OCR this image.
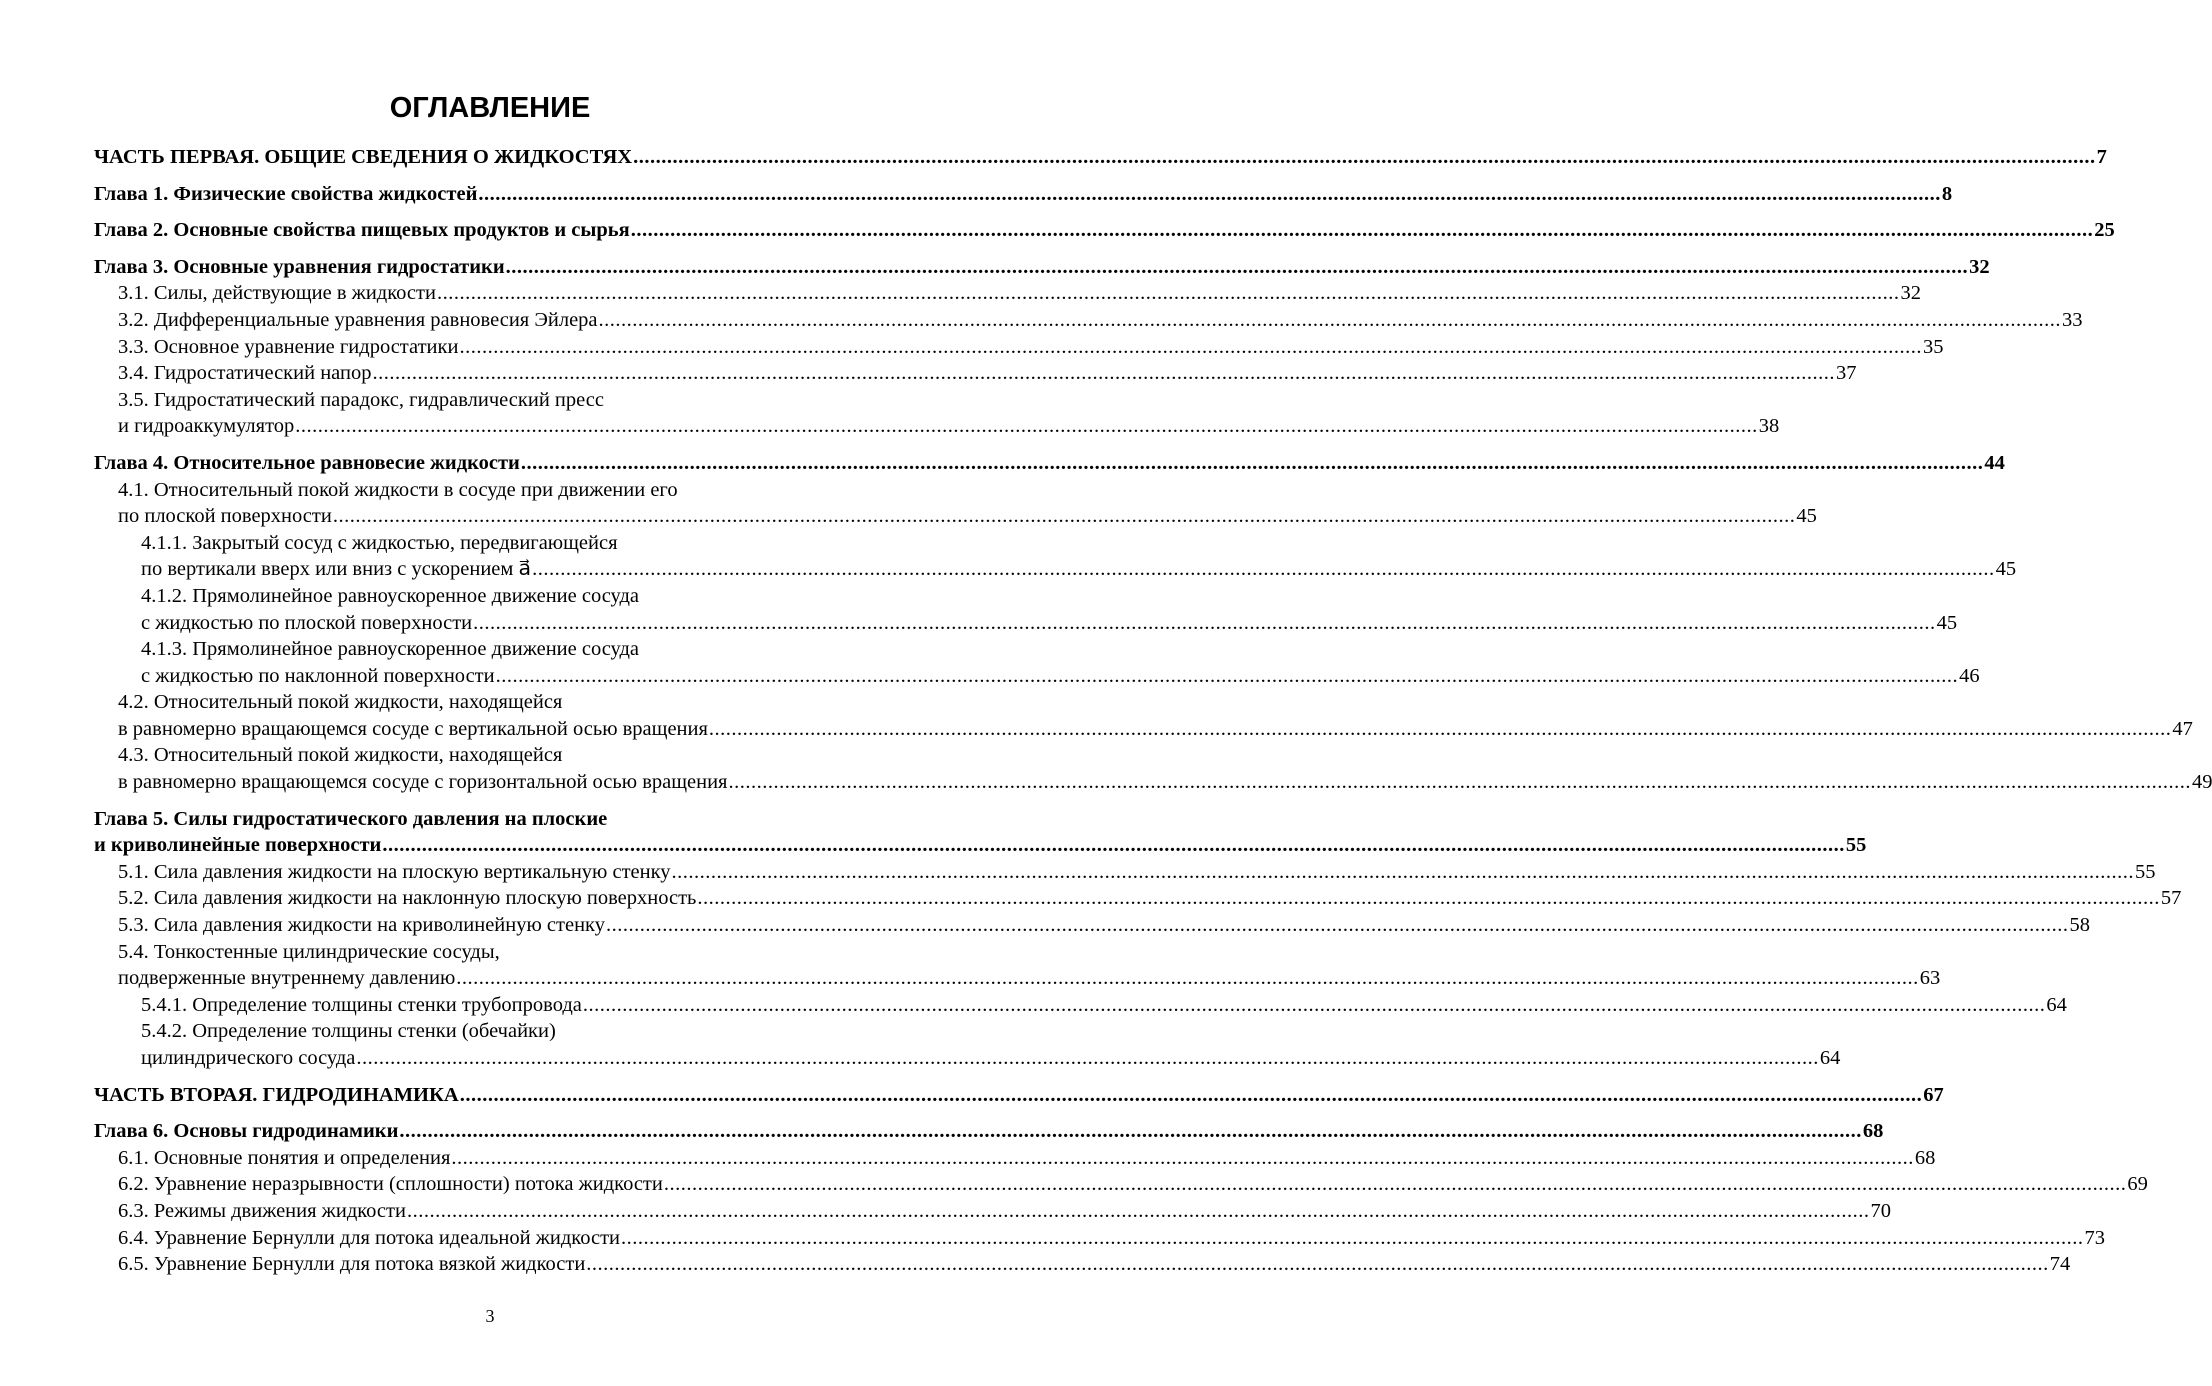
ОГЛАВЛЕНИЕ
ЧАСТЬ ПЕРВАЯ. ОБЩИЕ СВЕДЕНИЯ О ЖИДКОСТЯХ .................................................................................................................................................................................................................................................................... 7
Глава 1. Физические свойства жидкостей .................................................................................................................................................................................................................................................................... 8
Глава 2. Основные свойства пищевых продуктов и сырья .................................................................................................................................................................................................................................................................... 25
Глава 3. Основные уравнения гидростатики .................................................................................................................................................................................................................................................................... 32
3.1. Силы, действующие в жидкости .................................................................................................................................................................................................................................................................... 32
3.2. Дифференциальные уравнения равновесия Эйлера .................................................................................................................................................................................................................................................................... 33
3.3. Основное уравнение гидростатики .................................................................................................................................................................................................................................................................... 35
3.4. Гидростатический напор .................................................................................................................................................................................................................................................................... 37
3.5. Гидростатический парадокс, гидравлический пресс
и гидроаккумулятор .................................................................................................................................................................................................................................................................... 38
Глава 4. Относительное равновесие жидкости .................................................................................................................................................................................................................................................................... 44
4.1. Относительный покой жидкости в сосуде при движении его
по плоской поверхности .................................................................................................................................................................................................................................................................... 45
4.1.1. Закрытый сосуд с жидкостью, передвигающейся
по вертикали вверх или вниз с ускорением a⃗ .................................................................................................................................................................................................................................................................... 45
4.1.2. Прямолинейное равноускоренное движение сосуда
с жидкостью по плоской поверхности .................................................................................................................................................................................................................................................................... 45
4.1.3. Прямолинейное равноускоренное движение сосуда
с жидкостью по наклонной поверхности .................................................................................................................................................................................................................................................................... 46
4.2. Относительный покой жидкости, находящейся
в равномерно вращающемся сосуде с вертикальной осью вращения .................................................................................................................................................................................................................................................................... 47
4.3. Относительный покой жидкости, находящейся
в равномерно вращающемся сосуде с горизонтальной осью вращения .................................................................................................................................................................................................................................................................... 49
Глава 5. Силы гидростатического давления на плоские
и криволинейные поверхности .................................................................................................................................................................................................................................................................... 55
5.1. Сила давления жидкости на плоскую вертикальную стенку .................................................................................................................................................................................................................................................................... 55
5.2. Сила давления жидкости на наклонную плоскую поверхность .................................................................................................................................................................................................................................................................... 57
5.3. Сила давления жидкости на криволинейную стенку .................................................................................................................................................................................................................................................................... 58
5.4. Тонкостенные цилиндрические сосуды,
подверженные внутреннему давлению .................................................................................................................................................................................................................................................................... 63
5.4.1. Определение толщины стенки трубопровода .................................................................................................................................................................................................................................................................... 64
5.4.2. Определение толщины стенки (обечайки)
цилиндрического сосуда .................................................................................................................................................................................................................................................................... 64
ЧАСТЬ ВТОРАЯ. ГИДРОДИНАМИКА .................................................................................................................................................................................................................................................................... 67
Глава 6. Основы гидродинамики .................................................................................................................................................................................................................................................................... 68
6.1. Основные понятия и определения .................................................................................................................................................................................................................................................................... 68
6.2. Уравнение неразрывности (сплошности) потока жидкости .................................................................................................................................................................................................................................................................... 69
6.3. Режимы движения жидкости .................................................................................................................................................................................................................................................................... 70
6.4. Уравнение Бернулли для потока идеальной жидкости .................................................................................................................................................................................................................................................................... 73
6.5. Уравнение Бернулли для потока вязкой жидкости .................................................................................................................................................................................................................................................................... 74
3
